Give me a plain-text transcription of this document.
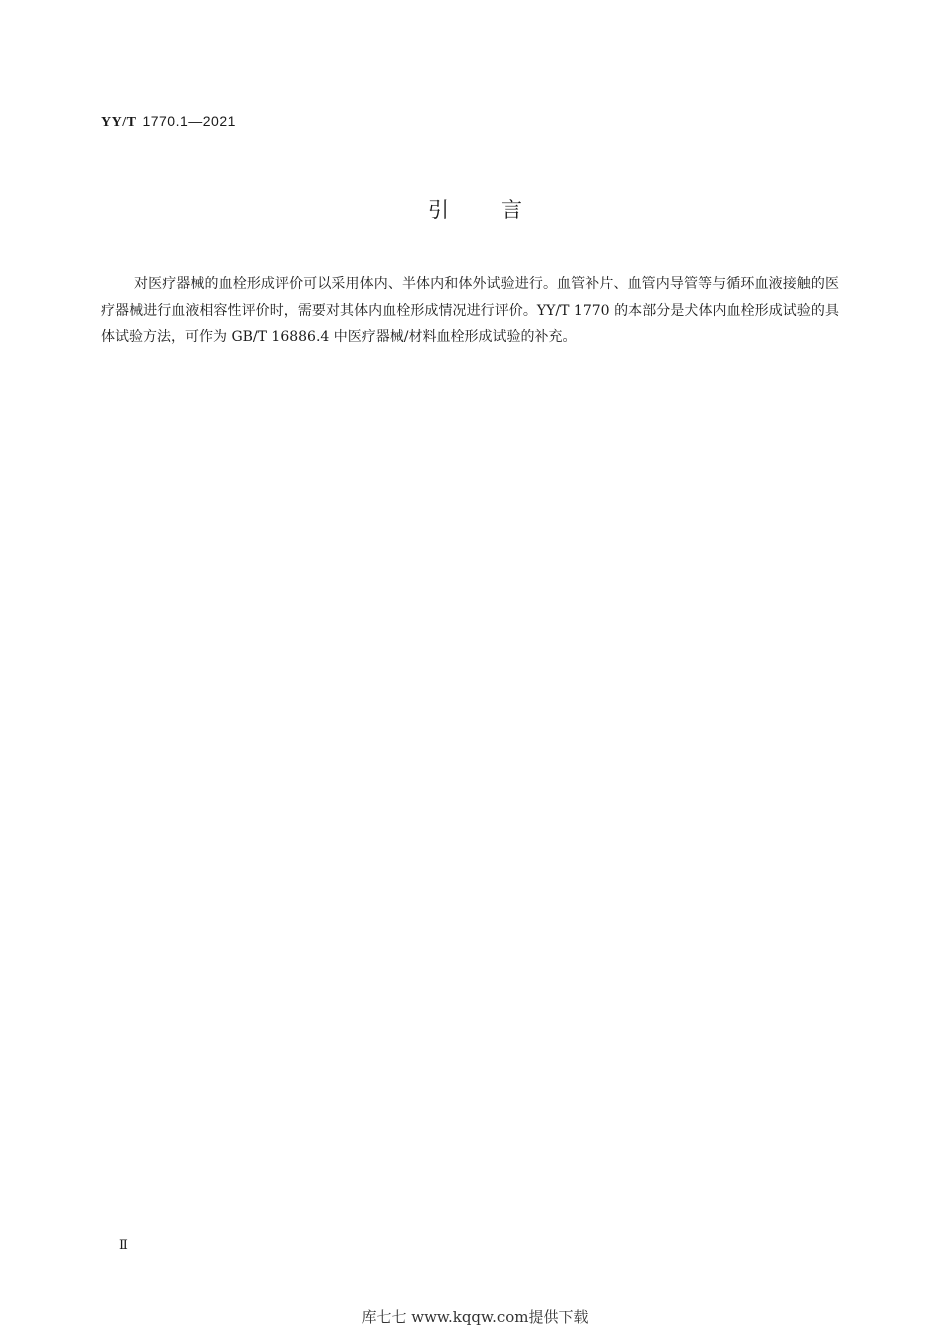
YY/T 1770.1—2021
引言

对医疗器械的血栓形成评价可以采用体内、半体内和体外试验进行。血管补片、血管内导管等与循环血液接触的医疗器械进行血液相容性评价时，需要对其体内血栓形成情况进行评价。YY/T 1770 的本部分是犬体内血栓形成试验的具体试验方法，可作为 GB/T 16886.4 中医疗器械/材料血栓形成试验的补充。

Ⅱ
库七七 www.kqqw.com提供下载
